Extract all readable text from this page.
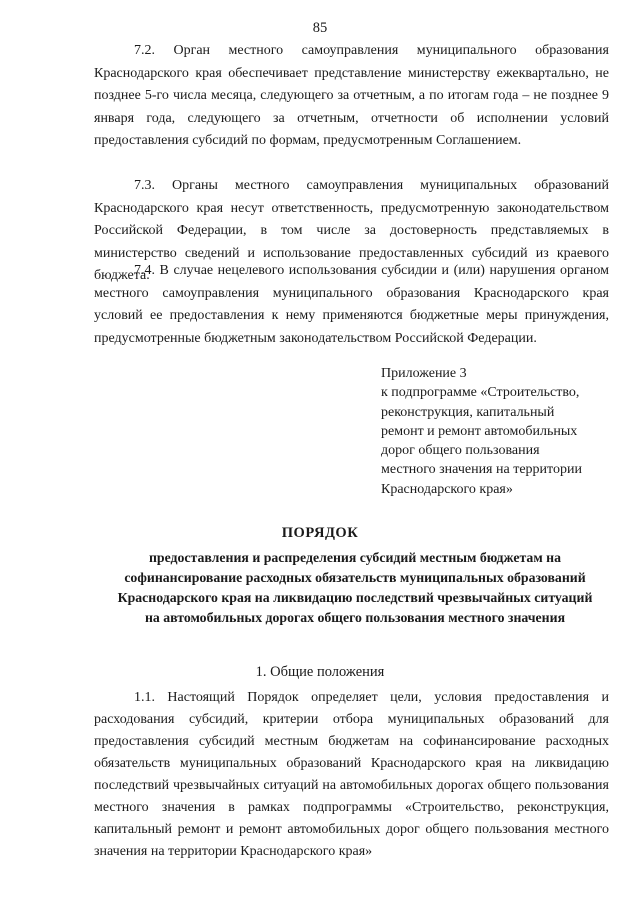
85

7.2. Орган местного самоуправления муниципального образования Краснодарского края обеспечивает представление министерству ежеквартально, не позднее 5-го числа месяца, следующего за отчетным, а по итогам года – не позднее 9 января года, следующего за отчетным, отчетности об исполнении условий предоставления субсидий по формам, предусмотренным Соглашением.

7.3. Органы местного самоуправления муниципальных образований Краснодарского края несут ответственность, предусмотренную законодательством Российской Федерации, в том числе за достоверность представляемых в министерство сведений и использование предоставленных субсидий из краевого бюджета.

7.4. В случае нецелевого использования субсидии и (или) нарушения органом местного самоуправления муниципального образования Краснодарского края условий ее предоставления к нему применяются бюджетные меры принуждения, предусмотренные бюджетным законодательством Российской Федерации.

Приложение 3
к подпрограмме «Строительство,
реконструкция, капитальный
ремонт и ремонт автомобильных
дорог общего пользования
местного значения на территории
Краснодарского края»
ПОРЯДОК
предоставления и распределения субсидий местным бюджетам на софинансирование расходных обязательств муниципальных образований Краснодарского края на ликвидацию последствий чрезвычайных ситуаций на автомобильных дорогах общего пользования местного значения
1. Общие положения

1.1. Настоящий Порядок определяет цели, условия предоставления и расходования субсидий, критерии отбора муниципальных образований для предоставления субсидий местным бюджетам на софинансирование расходных обязательств муниципальных образований Краснодарского края на ликвидацию последствий чрезвычайных ситуаций на автомобильных дорогах общего пользования местного значения в рамках подпрограммы «Строительство, реконструкция, капитальный ремонт и ремонт автомобильных дорог общего пользования местного значения на территории Краснодарского края»
